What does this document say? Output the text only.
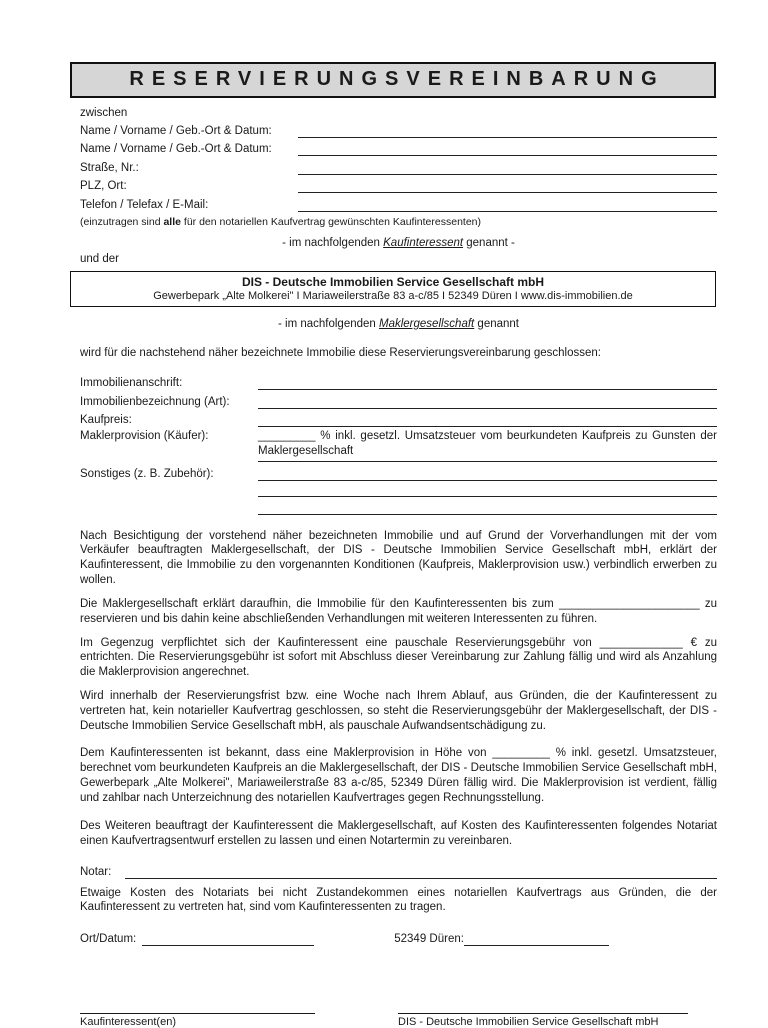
RESERVIERUNGSVEREINBARUNG
zwischen
Name / Vorname / Geb.-Ort & Datum:
Name / Vorname / Geb.-Ort & Datum:
Straße, Nr.:
PLZ, Ort:
Telefon / Telefax / E-Mail:
(einzutragen sind alle für den notariellen Kaufvertrag gewünschten Kaufinteressenten)
- im nachfolgenden Kaufinteressent genannt -
und der
DIS - Deutsche Immobilien Service Gesellschaft mbH
Gewerbepark „Alte Molkerei" I Mariaweilerstraße 83 a-c/85 I 52349 Düren I www.dis-immobilien.de
- im nachfolgenden Maklergesellschaft genannt
wird für die nachstehend näher bezeichnete Immobilie diese Reservierungsvereinbarung geschlossen:
Immobilienanschrift:
Immobilienbezeichnung (Art):
Kaufpreis:
Maklerprovision (Käufer):	_________ % inkl. gesetzl. Umsatzsteuer vom beurkundeten Kaufpreis zu Gunsten der Maklergesellschaft
Sonstiges (z. B. Zubehör):

Nach Besichtigung der vorstehend näher bezeichneten Immobilie und auf Grund der Vorverhandlungen mit der vom Verkäufer beauftragten Maklergesellschaft, der DIS - Deutsche Immobilien Service Gesellschaft mbH, erklärt der Kaufinteressent, die Immobilie zu den vorgenannten Konditionen (Kaufpreis, Maklerprovision usw.) verbindlich erwerben zu wollen.

Die Maklergesellschaft erklärt daraufhin, die Immobilie für den Kaufinteressenten bis zum ______________________ zu reservieren und bis dahin keine abschließenden Verhandlungen mit weiteren Interessenten zu führen.

Im Gegenzug verpflichtet sich der Kaufinteressent eine pauschale Reservierungsgebühr von _____________ € zu entrichten. Die Reservierungsgebühr ist sofort mit Abschluss dieser Vereinbarung zur Zahlung fällig und wird als Anzahlung die Maklerprovision angerechnet.

Wird innerhalb der Reservierungsfrist bzw. eine Woche nach Ihrem Ablauf, aus Gründen, die der Kaufinteressent zu vertreten hat, kein notarieller Kaufvertrag geschlossen, so steht die Reservierungsgebühr der Maklergesellschaft, der DIS - Deutsche Immobilien Service Gesellschaft mbH, als pauschale Aufwandsentschädigung zu.

Dem Kaufinteressenten ist bekannt, dass eine Maklerprovision in Höhe von _________ % inkl. gesetzl. Umsatzsteuer, berechnet vom beurkundeten Kaufpreis an die Maklergesellschaft, der DIS - Deutsche Immobilien Service Gesellschaft mbH, Gewerbepark „Alte Molkerei", Mariaweilerstraße 83 a-c/85, 52349 Düren fällig wird. Die Maklerprovision ist verdient, fällig und zahlbar nach Unterzeichnung des notariellen Kaufvertrages gegen Rechnungsstellung.

Des Weiteren beauftragt der Kaufinteressent die Maklergesellschaft, auf Kosten des Kaufinteressenten folgendes Notariat einen Kaufvertragsentwurf erstellen zu lassen und einen Notartermin zu vereinbaren.

Notar:

Etwaige Kosten des Notariats bei nicht Zustandekommen eines notariellen Kaufvertrags aus Gründen, die der Kaufinteressent zu vertreten hat, sind vom Kaufinteressenten zu tragen.

Ort/Datum:	52349 Düren:
Kaufinteressent(en)	DIS - Deutsche Immobilien Service Gesellschaft mbH
